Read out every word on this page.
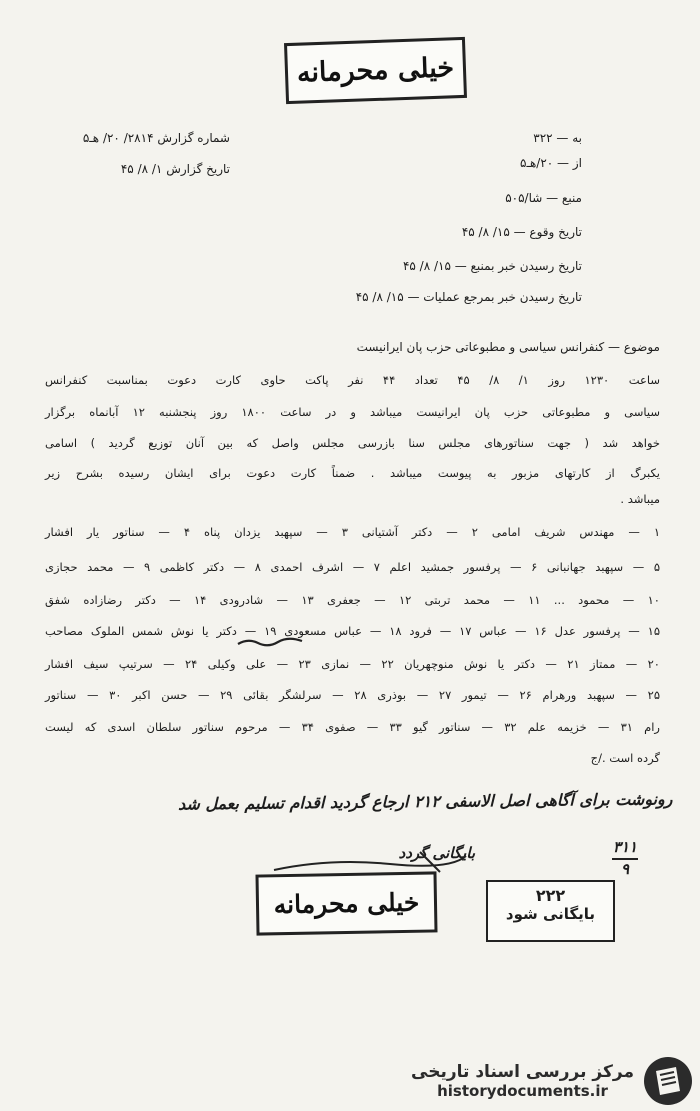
خیلی محرمانه
به — ۳۲۲
شماره گزارش ۲۸۱۴/ ۲۰/ هـ۵
از — ۲۰/هـ۵
تاریخ گزارش ۱/ ۸/ ۴۵
منبع — شا/۵۰۵
تاریخ وقوع — ۱۵/ ۸/ ۴۵
تاریخ رسیدن خبر بمنبع — ۱۵/ ۸/ ۴۵
تاریخ رسیدن خبر بمرجع عملیات — ۱۵/ ۸/ ۴۵
موضوع — کنفرانس سیاسی و مطبوعاتی حزب پان ایرانیست
ساعت ۱۲۳۰ روز ۱/ ۸/ ۴۵ تعداد ۴۴ نفر پاکت حاوی کارت دعوت بمناسبت کنفرانس
سیاسی و مطبوعاتی حزب پان ایرانیست میباشد و در ساعت ۱۸۰۰ روز پنجشنبه ۱۲ آبانماه برگزار
خواهد شد ( جهت سناتورهای مجلس سنا بازرسی مجلس واصل که بین آنان توزیع گردید ) اسامی
یکبرگ از کارتهای مزبور به پیوست میباشد . ضمناً کارت دعوت برای ایشان رسیده بشرح زیر
میباشد .
۱ — مهندس شریف امامی ۲ — دکتر آشتیانی ۳ — سپهبد یزدان پناه ۴ — سناتور یار افشار
۵ — سپهبد جهانبانی ۶ — پرفسور جمشید اعلم ۷ — اشرف احمدی ۸ — دکتر کاظمی ۹ — محمد حجازی
۱۰ — محمود ... ۱۱ — محمد تربتی ۱۲ — جعفری ۱۳ — شادرودی ۱۴ — دکتر رضازاده شفق
۱۵ — پرفسور عدل ۱۶ — عباس ۱۷ — فرود ۱۸ — عباس مسعودی ۱۹ — دکتر یا نوش شمس الملوک مصاحب
۲۰ — ممتاز ۲۱ — دکتر یا نوش منوچهریان ۲۲ — نمازی ۲۳ — علی وکیلی ۲۴ — سرتیپ سیف افشار
۲۵ — سپهبد ورهرام ۲۶ — تیمور ۲۷ — بوذری ۲۸ — سرلشگر بقائی ۲۹ — حسن اکبر ۳۰ — سناتور
رام ۳۱ — خزیمه علم ۳۲ — سناتور گیو ۳۳ — صفوی ۳۴ — مرحوم سناتور سلطان اسدی که لیست
گرده است ./ج
رونوشت برای آگاهی اصل الاسفی ۲۱۲ ارجاع گردید اقدام تسلیم بعمل شد
بایگانی گردد	۳۱۱
۹
خیلی محرمانه	۲۲۲
بایگانی شود
مرکز بررسی اسناد تاریخی
historydocuments.ir
